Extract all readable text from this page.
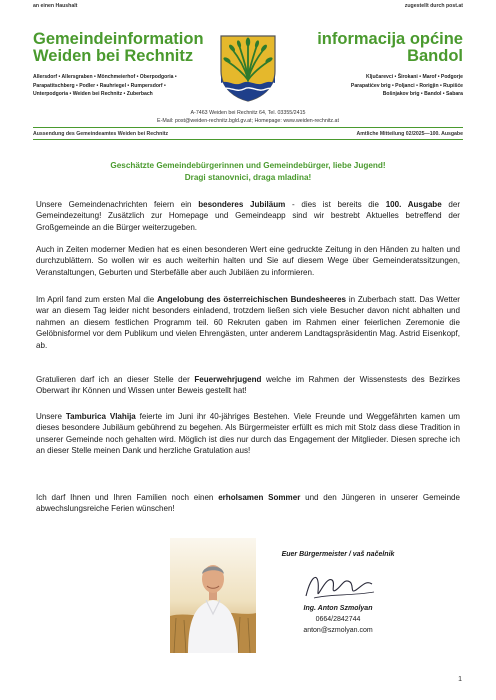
an einen Haushalt	zugestellt durch post.at
Gemeindeinformation
Weiden bei Rechnitz
informacija općine
Bandol
Allersdorf • Allersgraben • Mönchmeierhof • Oberpodgoria •
Parapatitschberg • Podler • Rauhriegel • Rumpersdorf •
Unterpodgoria • Weiden bei Rechnitz • Zuberbach
Ključarevci • Širokani • Marof • Podgorje
Parapatićev brig • Poljanci • Rorigjin • Rupišće
Bošnjakov brig • Bandol • Sabara
A-7463 Weiden bei Rechnitz 64, Tel. 03355/2415
E-Mail: post@weiden-rechnitz.bgld.gv.at; Homepage: www.weiden-rechnitz.at
Aussendung des Gemeindeamtes Weiden bei Rechnitz	Amtliche Mitteilung 02/2025—100. Ausgabe
Geschätzte Gemeindebürgerinnen und Gemeindebürger, liebe Jugend!
Dragi stanovnici, draga mladina!
Unsere Gemeindenachrichten feiern ein besonderes Jubiläum - dies ist bereits die 100. Ausgabe der Gemeindezeitung! Zusätzlich zur Homepage und Gemeindeapp sind wir bestrebt Aktuelles betreffend der Großgemeinde an die Bürger weiterzugeben.
Auch in Zeiten moderner Medien hat es einen besonderen Wert eine gedruckte Zeitung in den Händen zu halten und durchzublättern. So wollen wir es auch weiterhin halten und Sie auf diesem Wege über Gemeinderatssitzungen, Veranstaltungen, Geburten und Sterbefälle aber auch Jubiläen zu informieren.
Im April fand zum ersten Mal die Angelobung des österreichischen Bundesheeres in Zuberbach statt. Das Wetter war an diesem Tag leider nicht besonders einladend, trotzdem ließen sich viele Besucher davon nicht abhalten und nahmen an diesem festlichen Programm teil. 60 Rekruten gaben im Rahmen einer feierlichen Zeremonie die Gelöbnisformel vor dem Publikum und vielen Ehrengästen, unter anderem Landtagspräsidentin Mag. Astrid Eisenkopf, ab.
Gratulieren darf ich an dieser Stelle der Feuerwehrjugend welche im Rahmen der Wissenstests des Bezirkes Oberwart ihr Können und Wissen unter Beweis gestellt hat!
Unsere Tamburica Vlahija feierte im Juni ihr 40-jähriges Bestehen. Viele Freunde und Weggefährten kamen um dieses besondere Jubiläum gebührend zu begehen. Als Bürgermeister erfüllt es mich mit Stolz dass diese Tradition in unserer Gemeinde noch gehalten wird. Möglich ist dies nur durch das Engagement der Mitglieder. Diesen spreche ich an dieser Stelle meinen Dank und herzliche Gratulation aus!
Ich darf Ihnen und Ihren Familien noch einen erholsamen Sommer und den Jüngeren in unserer Gemeinde abwechslungsreiche Ferien wünschen!
Euer Bürgermeister / vaš načelnik
Ing. Anton Szmolyan
0664/2842744
anton@szmolyan.com
1
